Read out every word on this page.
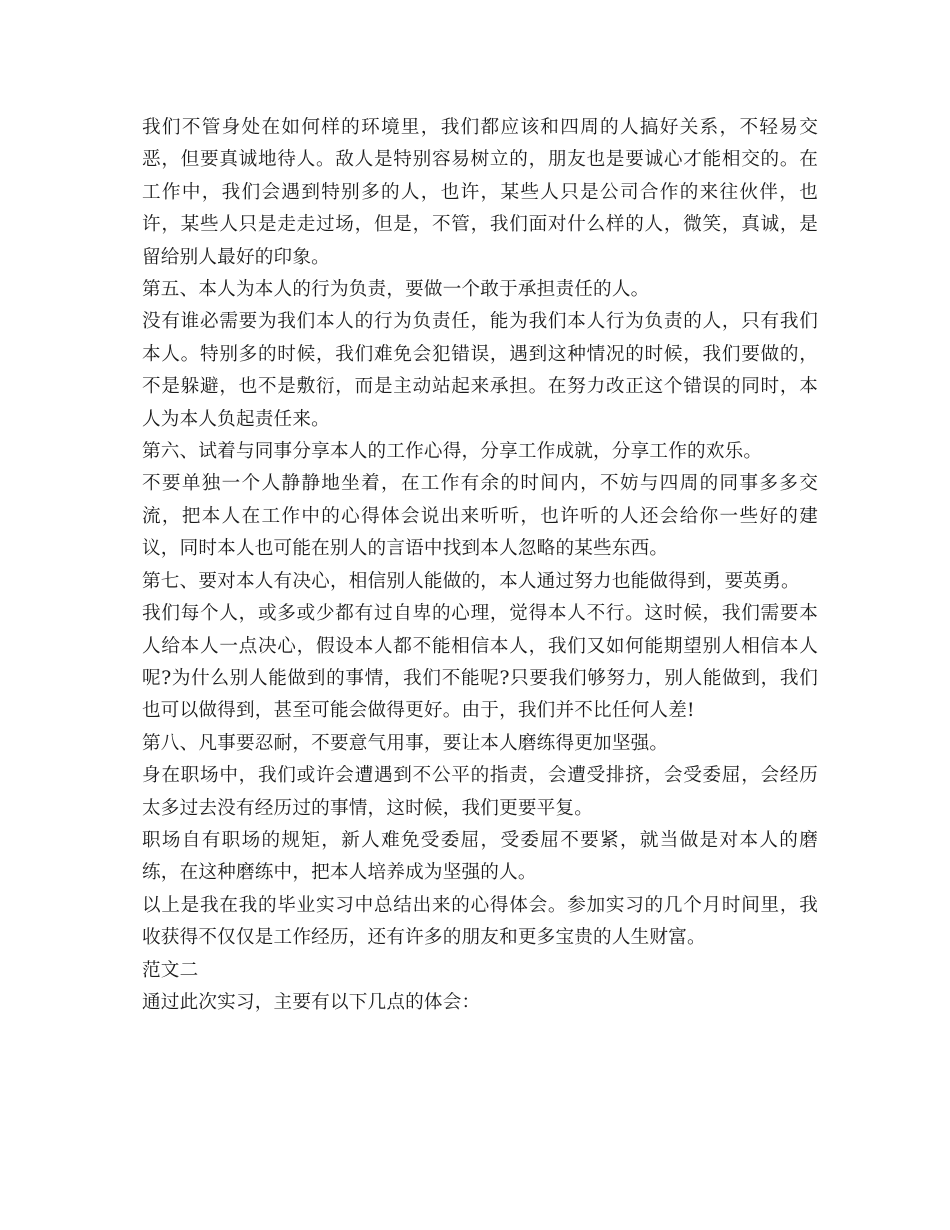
我们不管身处在如何样的环境里，我们都应该和四周的人搞好关系，不轻易交恶，但要真诚地待人。敌人是特别容易树立的，朋友也是要诚心才能相交的。在工作中，我们会遇到特别多的人，也许，某些人只是公司合作的来往伙伴，也许，某些人只是走走过场，但是，不管，我们面对什么样的人，微笑，真诚，是留给别人最好的印象。

第五、本人为本人的行为负责，要做一个敢于承担责任的人。

没有谁必需要为我们本人的行为负责任，能为我们本人行为负责的人，只有我们本人。特别多的时候，我们难免会犯错误，遇到这种情况的时候，我们要做的，不是躲避，也不是敷衍，而是主动站起来承担。在努力改正这个错误的同时，本人为本人负起责任来。

第六、试着与同事分享本人的工作心得，分享工作成就，分享工作的欢乐。

不要单独一个人静静地坐着，在工作有余的时间内，不妨与四周的同事多多交流，把本人在工作中的心得体会说出来听听，也许听的人还会给你一些好的建议，同时本人也可能在别人的言语中找到本人忽略的某些东西。

第七、要对本人有决心，相信别人能做的，本人通过努力也能做得到，要英勇。

我们每个人，或多或少都有过自卑的心理，觉得本人不行。这时候，我们需要本人给本人一点决心，假设本人都不能相信本人，我们又如何能期望别人相信本人呢?为什么别人能做到的事情，我们不能呢?只要我们够努力，别人能做到，我们也可以做得到，甚至可能会做得更好。由于，我们并不比任何人差!

第八、凡事要忍耐，不要意气用事，要让本人磨练得更加坚强。

身在职场中，我们或许会遭遇到不公平的指责，会遭受排挤，会受委屈，会经历太多过去没有经历过的事情，这时候，我们更要平复。

职场自有职场的规矩，新人难免受委屈，受委屈不要紧，就当做是对本人的磨练，在这种磨练中，把本人培养成为坚强的人。

以上是我在我的毕业实习中总结出来的心得体会。参加实习的几个月时间里，我收获得不仅仅是工作经历，还有许多的朋友和更多宝贵的人生财富。

范文二

通过此次实习，主要有以下几点的体会：
